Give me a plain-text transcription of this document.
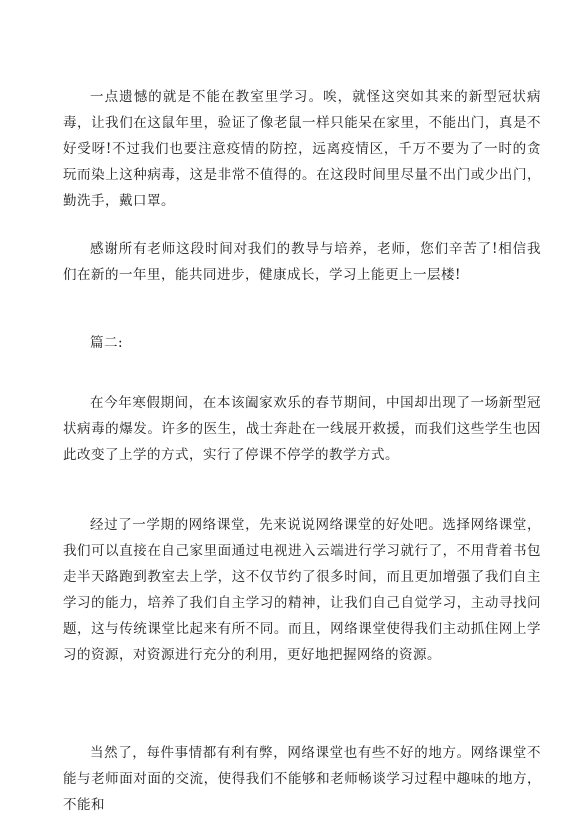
一点遗憾的就是不能在教室里学习。唉，就怪这突如其来的新型冠状病毒，让我们在这鼠年里，验证了像老鼠一样只能呆在家里，不能出门，真是不好受呀!不过我们也要注意疫情的防控，远离疫情区，千万不要为了一时的贪玩而染上这种病毒，这是非常不值得的。在这段时间里尽量不出门或少出门，勤洗手，戴口罩。

感谢所有老师这段时间对我们的教导与培养，老师，您们辛苦了!相信我们在新的一年里，能共同进步，健康成长，学习上能更上一层楼!

篇二:

在今年寒假期间，在本该阖家欢乐的春节期间，中国却出现了一场新型冠状病毒的爆发。许多的医生，战士奔赴在一线展开救援，而我们这些学生也因此改变了上学的方式，实行了停课不停学的教学方式。

经过了一学期的网络课堂，先来说说网络课堂的好处吧。选择网络课堂，我们可以直接在自己家里面通过电视进入云端进行学习就行了，不用背着书包走半天路跑到教室去上学，这不仅节约了很多时间，而且更加增强了我们自主学习的能力，培养了我们自主学习的精神，让我们自己自觉学习，主动寻找问题，这与传统课堂比起来有所不同。而且，网络课堂使得我们主动抓住网上学习的资源，对资源进行充分的利用，更好地把握网络的资源。

当然了，每件事情都有利有弊，网络课堂也有些不好的地方。网络课堂不能与老师面对面的交流，使得我们不能够和老师畅谈学习过程中趣味的地方，不能和
